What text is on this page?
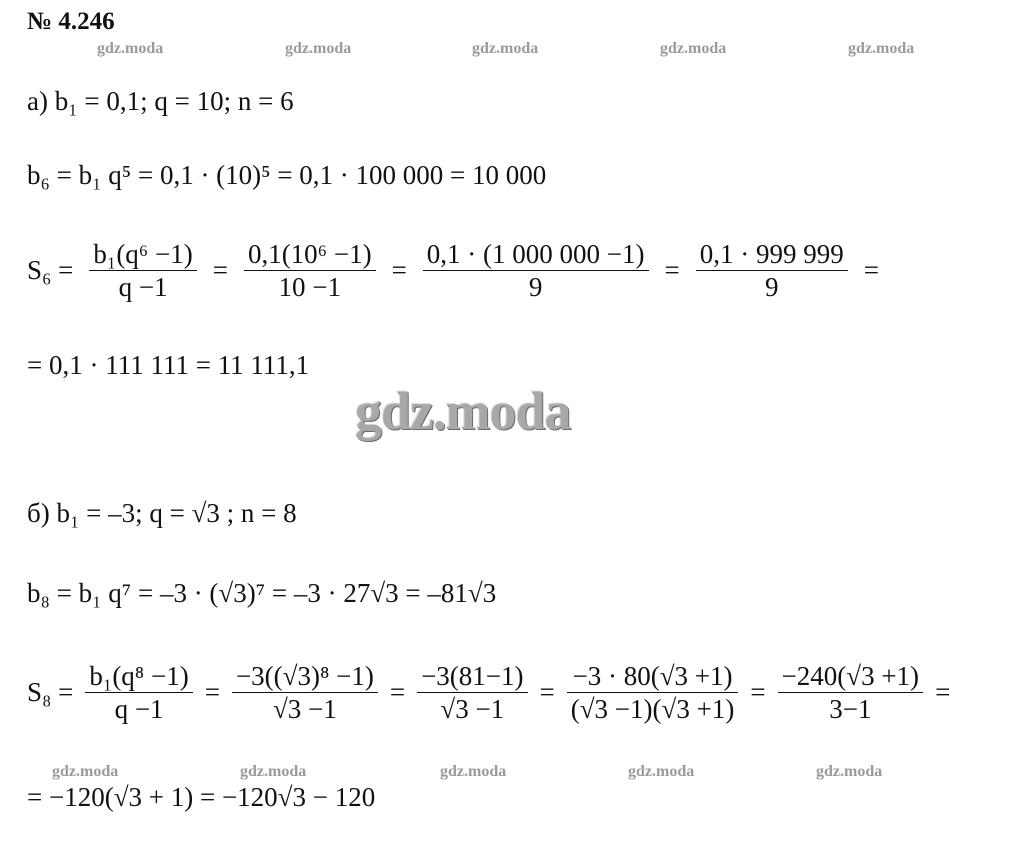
№ 4.246
gdz.moda	gdz.moda	gdz.moda	gdz.moda	gdz.moda
а) b₁ = 0,1; q = 10; n = 6
b₆ = b₁ q⁵ = 0,1 · (10)⁵ = 0,1 · 100 000 = 10 000
$S_6 = \frac{\text{b₁(q⁶ −1)}}{q -1} = \frac{\text{0,1(10⁶ −1)}}{10 -1} = \frac{0,1 \cdot (1 000 000 -1)}{9} = \frac{0,1 \cdot 999 999}{9}$ =
= 0,1 · 111 111 = 11 111,1
gdz.moda
б) b₁ = –3; q = √3 ; n = 8
b₈ = b₁ q⁷ = –3 · (√3)⁷ = –3 · 27√3 = –81√3
$S_8 = \frac{\text{b₁(q⁸ −1)}}{q -1} = \frac{\text{−3((√3)⁸ −1)}}{√3 -1} = \frac{-3(81-1)}{√3 -1} = \frac{-3 \cdot 80(√3 +1)}{(√3 -1)(√3 +1)} = \frac{-240(√3 +1)}{3-1}$ =
gdz.moda	gdz.moda	gdz.moda	gdz.moda	gdz.moda
= −120(√3 + 1) = −120√3 − 120
